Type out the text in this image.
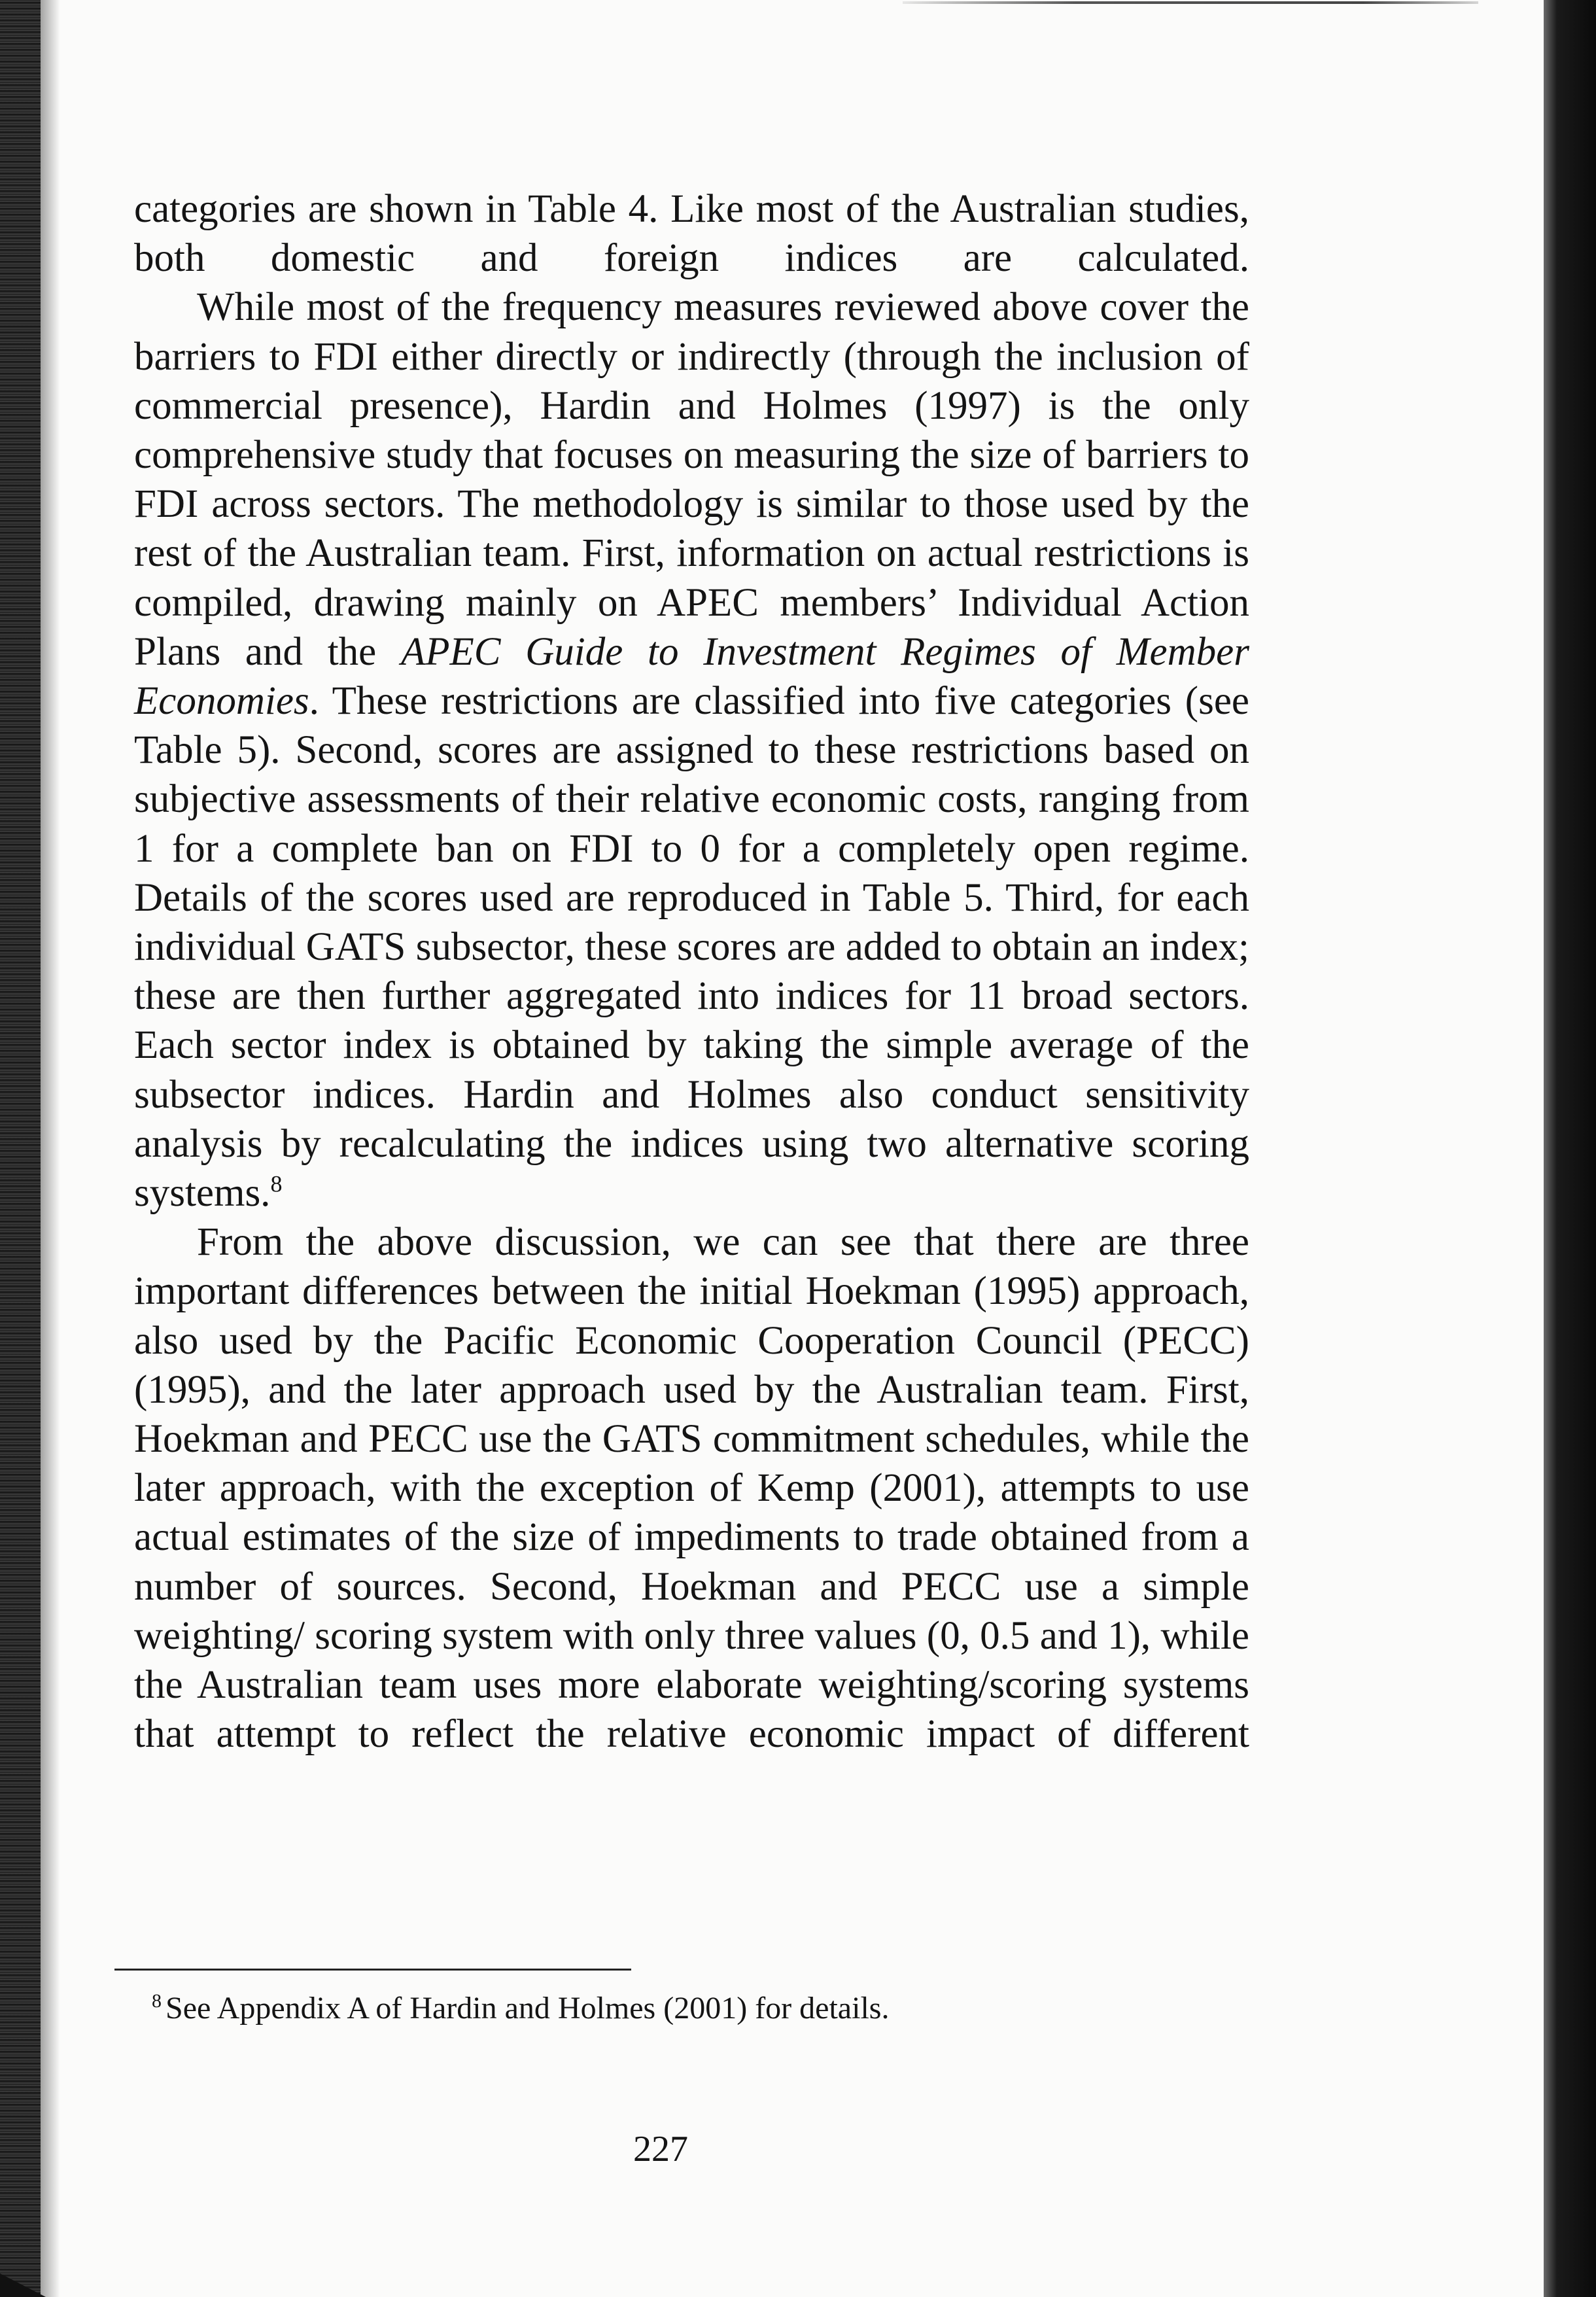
categories are shown in Table 4. Like most of the Australian studies, both domestic and foreign indices are calculated.

While most of the frequency measures reviewed above cover the barriers to FDI either directly or indirectly (through the inclusion of commercial presence), Hardin and Holmes (1997) is the only comprehensive study that focuses on measuring the size of barriers to FDI across sectors. The methodology is similar to those used by the rest of the Australian team. First, information on actual restrictions is compiled, drawing mainly on APEC members’ Individual Action Plans and the APEC Guide to Investment Regimes of Member Economies. These restrictions are classified into five categories (see Table 5). Second, scores are assigned to these restrictions based on subjective assessments of their relative economic costs, ranging from 1 for a complete ban on FDI to 0 for a completely open regime. Details of the scores used are reproduced in Table 5. Third, for each individual GATS subsector, these scores are added to obtain an index; these are then further aggregated into indices for 11 broad sectors. Each sector index is obtained by taking the simple average of the subsector indices. Hardin and Holmes also conduct sensitivity analysis by recalculating the indices using two alternative scoring systems.$^8$

From the above discussion, we can see that there are three important differences between the initial Hoekman (1995) approach, also used by the Pacific Economic Cooperation Council (PECC) (1995), and the later approach used by the Australian team. First, Hoekman and PECC use the GATS commitment schedules, while the later approach, with the exception of Kemp (2001), attempts to use actual estimates of the size of impediments to trade obtained from a number of sources. Second, Hoekman and PECC use a simple weighting/ scoring system with only three values (0, 0.5 and 1), while the Australian team uses more elaborate weighting/scoring systems that attempt to reflect the relative economic impact of different

$^8$ See Appendix A of Hardin and Holmes (2001) for details.
227
